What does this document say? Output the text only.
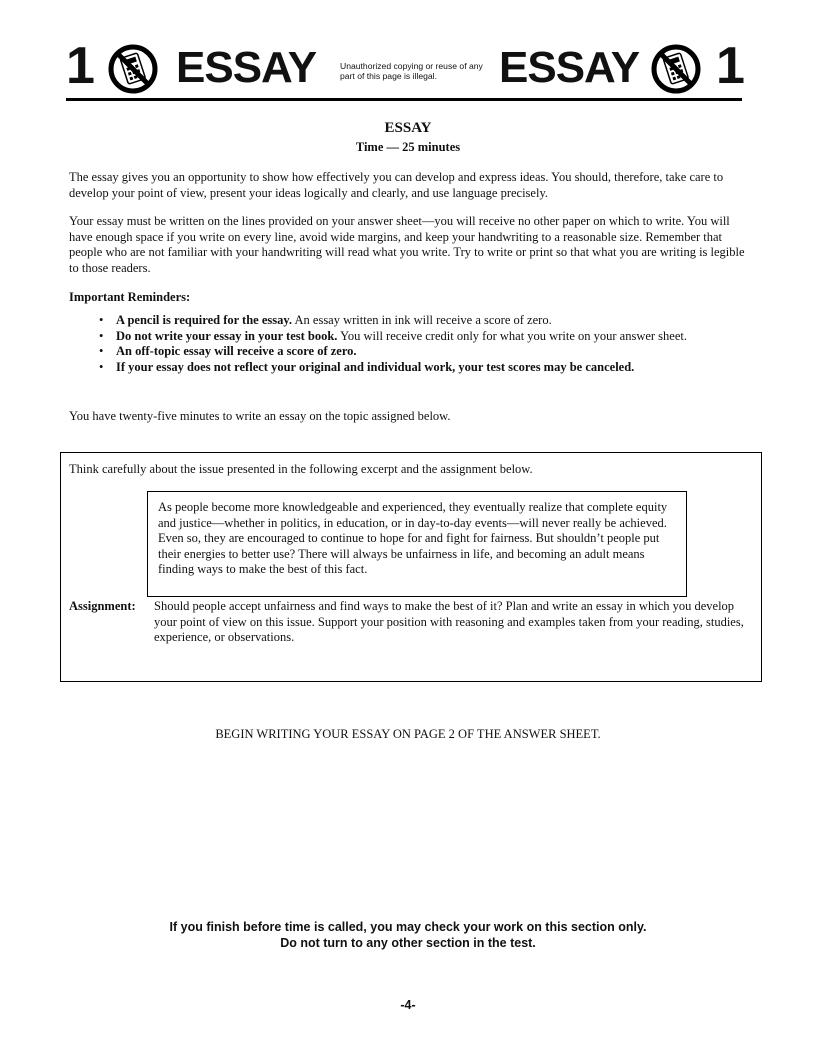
1 ESSAY	Unauthorized copying or reuse of any part of this page is illegal.	ESSAY 1
ESSAY
Time — 25 minutes
The essay gives you an opportunity to show how effectively you can develop and express ideas. You should, therefore, take care to develop your point of view, present your ideas logically and clearly, and use language precisely.
Your essay must be written on the lines provided on your answer sheet—you will receive no other paper on which to write. You will have enough space if you write on every line, avoid wide margins, and keep your handwriting to a reasonable size. Remember that people who are not familiar with your handwriting will read what you write. Try to write or print so that what you are writing is legible to those readers.
Important Reminders:
• A pencil is required for the essay. An essay written in ink will receive a score of zero.
• Do not write your essay in your test book. You will receive credit only for what you write on your answer sheet.
• An off-topic essay will receive a score of zero.
• If your essay does not reflect your original and individual work, your test scores may be canceled.
You have twenty-five minutes to write an essay on the topic assigned below.
Think carefully about the issue presented in the following excerpt and the assignment below.
As people become more knowledgeable and experienced, they eventually realize that complete equity and justice—whether in politics, in education, or in day-to-day events—will never really be achieved. Even so, they are encouraged to continue to hope for and fight for fairness. But shouldn’t people put their energies to better use? There will always be unfairness in life, and becoming an adult means finding ways to make the best of this fact.
Assignment: Should people accept unfairness and find ways to make the best of it? Plan and write an essay in which you develop your point of view on this issue. Support your position with reasoning and examples taken from your reading, studies, experience, or observations.
BEGIN WRITING YOUR ESSAY ON PAGE 2 OF THE ANSWER SHEET.
If you finish before time is called, you may check your work on this section only.
Do not turn to any other section in the test.
-4-
